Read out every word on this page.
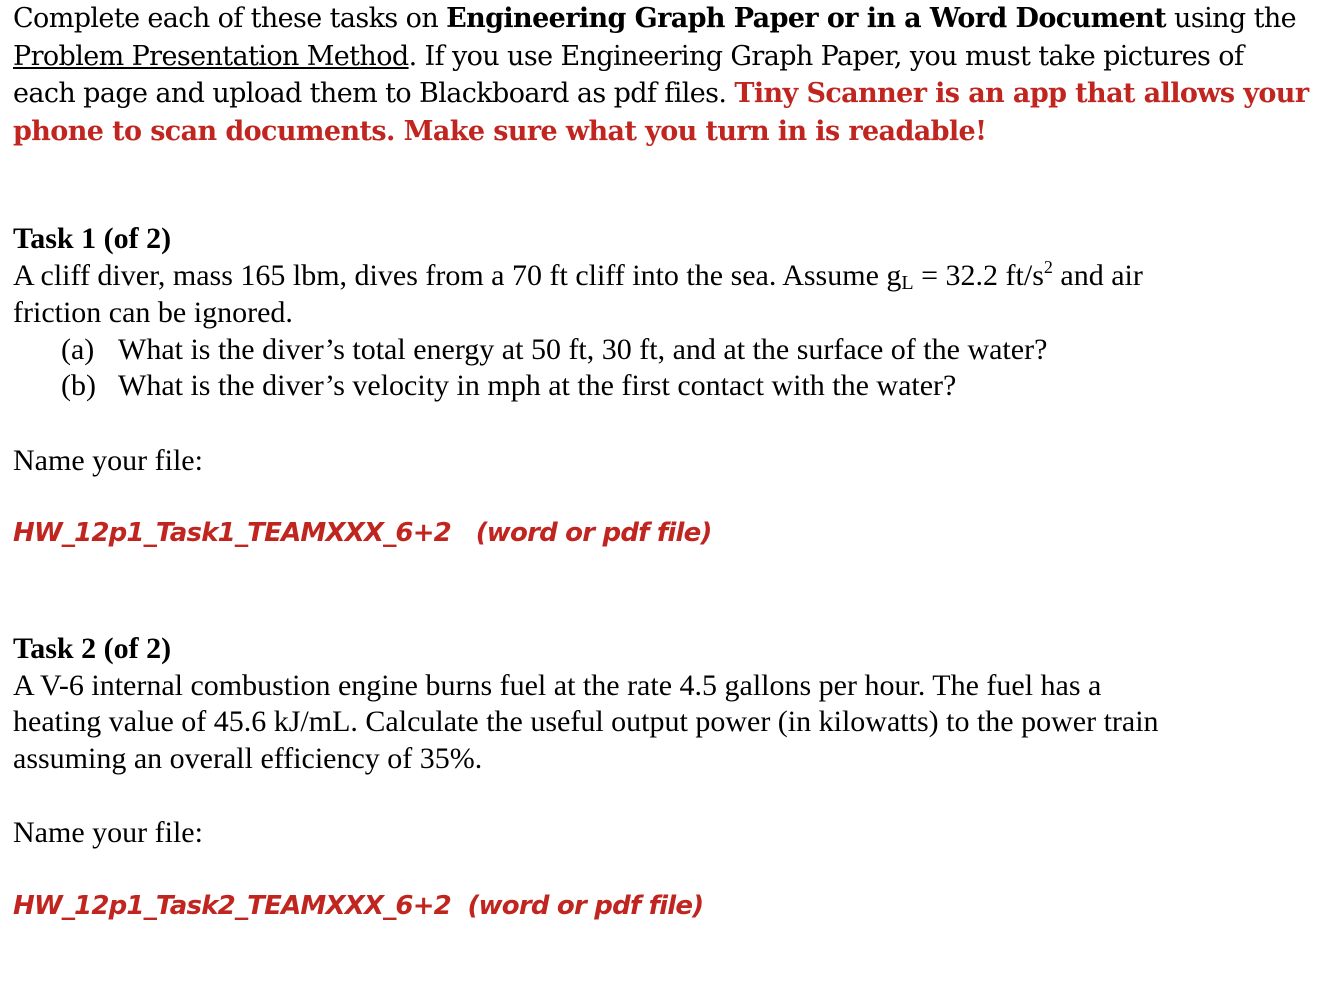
Complete each of these tasks on Engineering Graph Paper or in a Word Document using the Problem Presentation Method. If you use Engineering Graph Paper, you must take pictures of each page and upload them to Blackboard as pdf files. Tiny Scanner is an app that allows your phone to scan documents. Make sure what you turn in is readable!
Task 1 (of 2)
A cliff diver, mass 165 lbm, dives from a 70 ft cliff into the sea. Assume $g_L = 32.2$ $ft/s^2$ and air
friction can be ignored.
(a) What is the diver’s total energy at 50 ft, 30 ft, and at the surface of the water?
(b) What is the diver’s velocity in mph at the first contact with the water?
Name your file:
HW_12p1_Task1_TEAMXXX_6+2   (word or pdf file)
Task 2 (of 2)
A V-6 internal combustion engine burns fuel at the rate 4.5 gallons per hour. The fuel has a
heating value of 45.6 kJ/mL. Calculate the useful output power (in kilowatts) to the power train
assuming an overall efficiency of 35%.
Name your file:
HW_12p1_Task2_TEAMXXX_6+2  (word or pdf file)
